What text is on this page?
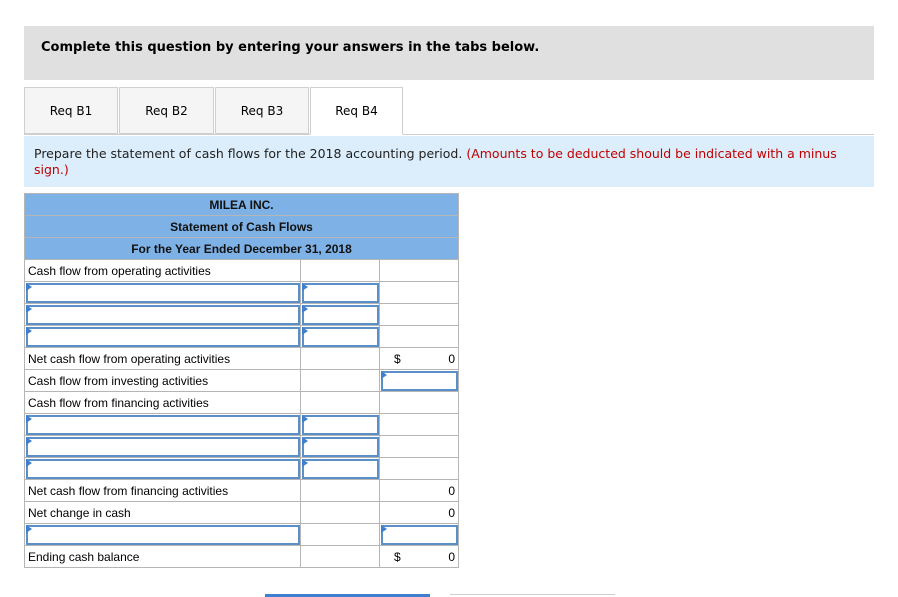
Complete this question by entering your answers in the tabs below.
Req B1	Req B2	Req B3	Req B4

Prepare the statement of cash flows for the 2018 accounting period. (Amounts to be deducted should be indicated with a minus sign.)

MILEA INC.		
Statement of Cash Flows		
For the Year Ended December 31, 2018		
Cash flow from operating activities		

Net cash flow from operating activities		$ 0

Cash flow from investing activities		
Cash flow from financing activities		

Net cash flow from financing activities		0

Net change in cash		0

Ending cash balance		$ 0
